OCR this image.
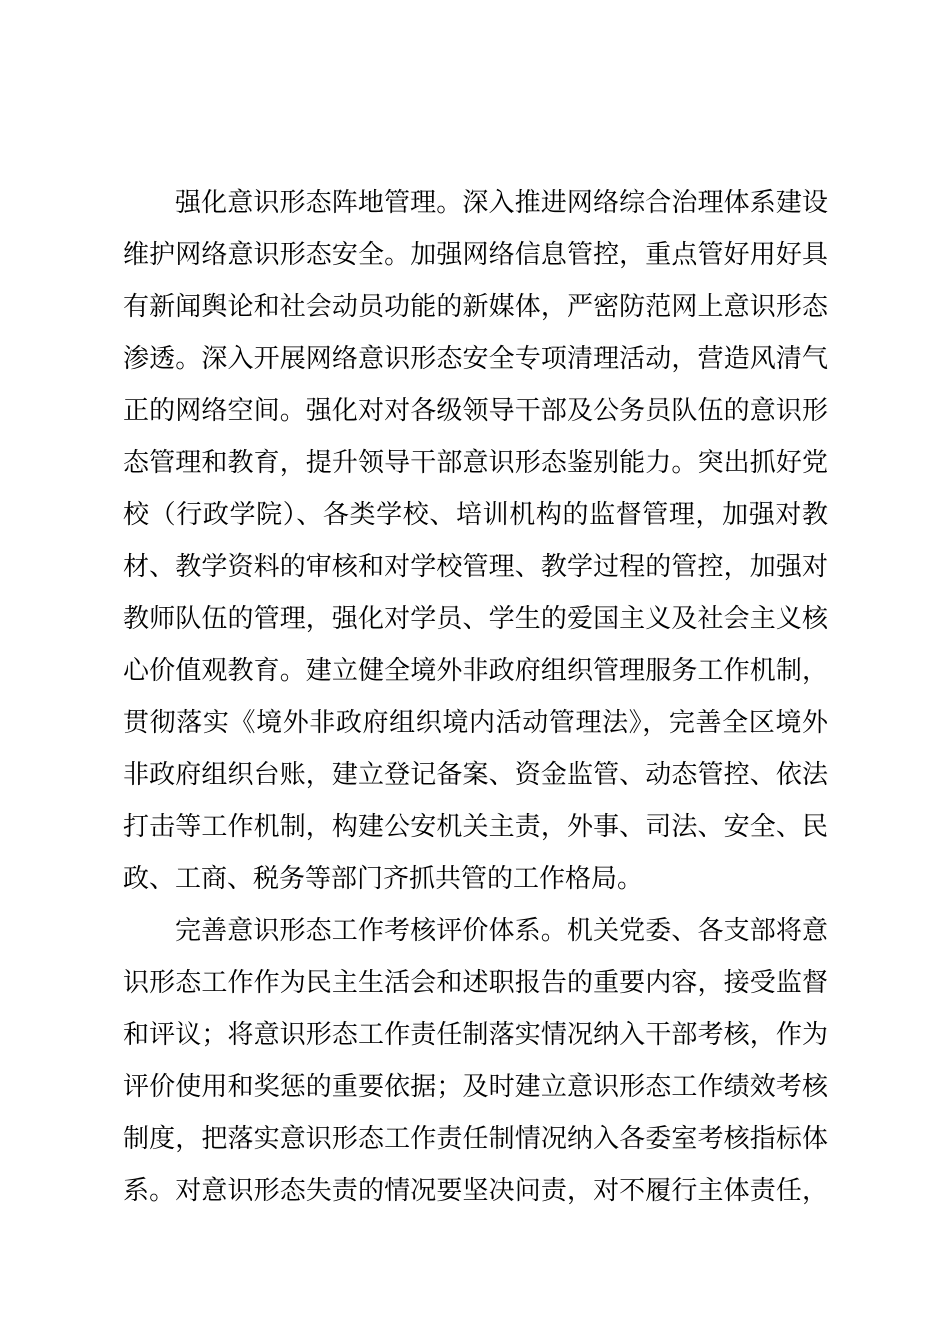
强化意识形态阵地管理。深入推进网络综合治理体系建设

维护网络意识形态安全。加强网络信息管控，重点管好用好具

有新闻舆论和社会动员功能的新媒体，严密防范网上意识形态

渗透。深入开展网络意识形态安全专项清理活动，营造风清气

正的网络空间。强化对对各级领导干部及公务员队伍的意识形

态管理和教育，提升领导干部意识形态鉴别能力。突出抓好党

校（行政学院）、各类学校、培训机构的监督管理，加强对教

材、教学资料的审核和对学校管理、教学过程的管控，加强对

教师队伍的管理，强化对学员、学生的爱国主义及社会主义核

心价值观教育。建立健全境外非政府组织管理服务工作机制，

贯彻落实《境外非政府组织境内活动管理法》，完善全区境外

非政府组织台账，建立登记备案、资金监管、动态管控、依法

打击等工作机制，构建公安机关主责，外事、司法、安全、民

政、工商、税务等部门齐抓共管的工作格局。

完善意识形态工作考核评价体系。机关党委、各支部将意

识形态工作作为民主生活会和述职报告的重要内容，接受监督

和评议；将意识形态工作责任制落实情况纳入干部考核，作为

评价使用和奖惩的重要依据；及时建立意识形态工作绩效考核

制度，把落实意识形态工作责任制情况纳入各委室考核指标体

系。对意识形态失责的情况要坚决问责，对不履行主体责任，
